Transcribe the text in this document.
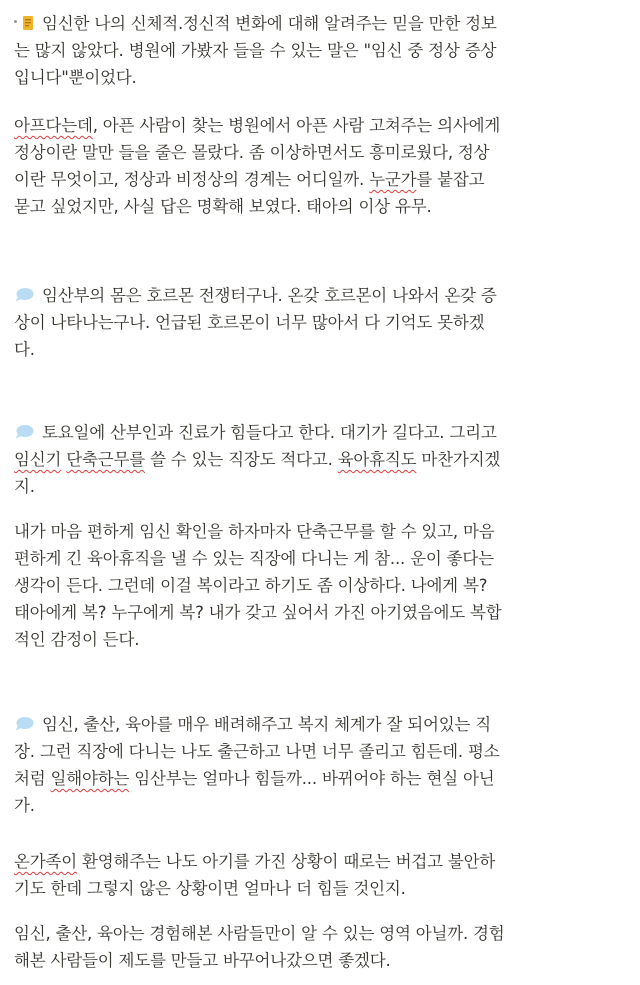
임신한 나의 신체적.정신적 변화에 대해 알려주는 믿을 만한 정보
는 많지 않았다. 병원에 가봤자 들을 수 있는 말은 "임신 중 정상 증상
입니다"뿐이었다.

아프다는데, 아픈 사람이 찾는 병원에서 아픈 사람 고쳐주는 의사에게
정상이란 말만 들을 줄은 몰랐다. 좀 이상하면서도 흥미로웠다, 정상
이란 무엇이고, 정상과 비정상의 경계는 어디일까. 누군가를 붙잡고
묻고 싶었지만, 사실 답은 명확해 보였다. 태아의 이상 유무.

임산부의 몸은 호르몬 전쟁터구나. 온갖 호르몬이 나와서 온갖 증
상이 나타나는구나. 언급된 호르몬이 너무 많아서 다 기억도 못하겠
다.

토요일에 산부인과 진료가 힘들다고 한다. 대기가 길다고. 그리고
임신기 단축근무를 쓸 수 있는 직장도 적다고. 육아휴직도 마찬가지겠
지.

내가 마음 편하게 임신 확인을 하자마자 단축근무를 할 수 있고, 마음
편하게 긴 육아휴직을 낼 수 있는 직장에 다니는 게 참... 운이 좋다는
생각이 든다. 그런데 이걸 복이라고 하기도 좀 이상하다. 나에게 복?
태아에게 복? 누구에게 복? 내가 갖고 싶어서 가진 아기였음에도 복합
적인 감정이 든다.

임신, 출산, 육아를 매우 배려해주고 복지 체계가 잘 되어있는 직
장. 그런 직장에 다니는 나도 출근하고 나면 너무 졸리고 힘든데. 평소
처럼 일해야하는 임산부는 얼마나 힘들까... 바뀌어야 하는 현실 아닌
가.

온가족이 환영해주는 나도 아기를 가진 상황이 때로는 버겁고 불안하
기도 한데 그렇지 않은 상황이면 얼마나 더 힘들 것인지.

임신, 출산, 육아는 경험해본 사람들만이 알 수 있는 영역 아닐까. 경험
해본 사람들이 제도를 만들고 바꾸어나갔으면 좋겠다.
